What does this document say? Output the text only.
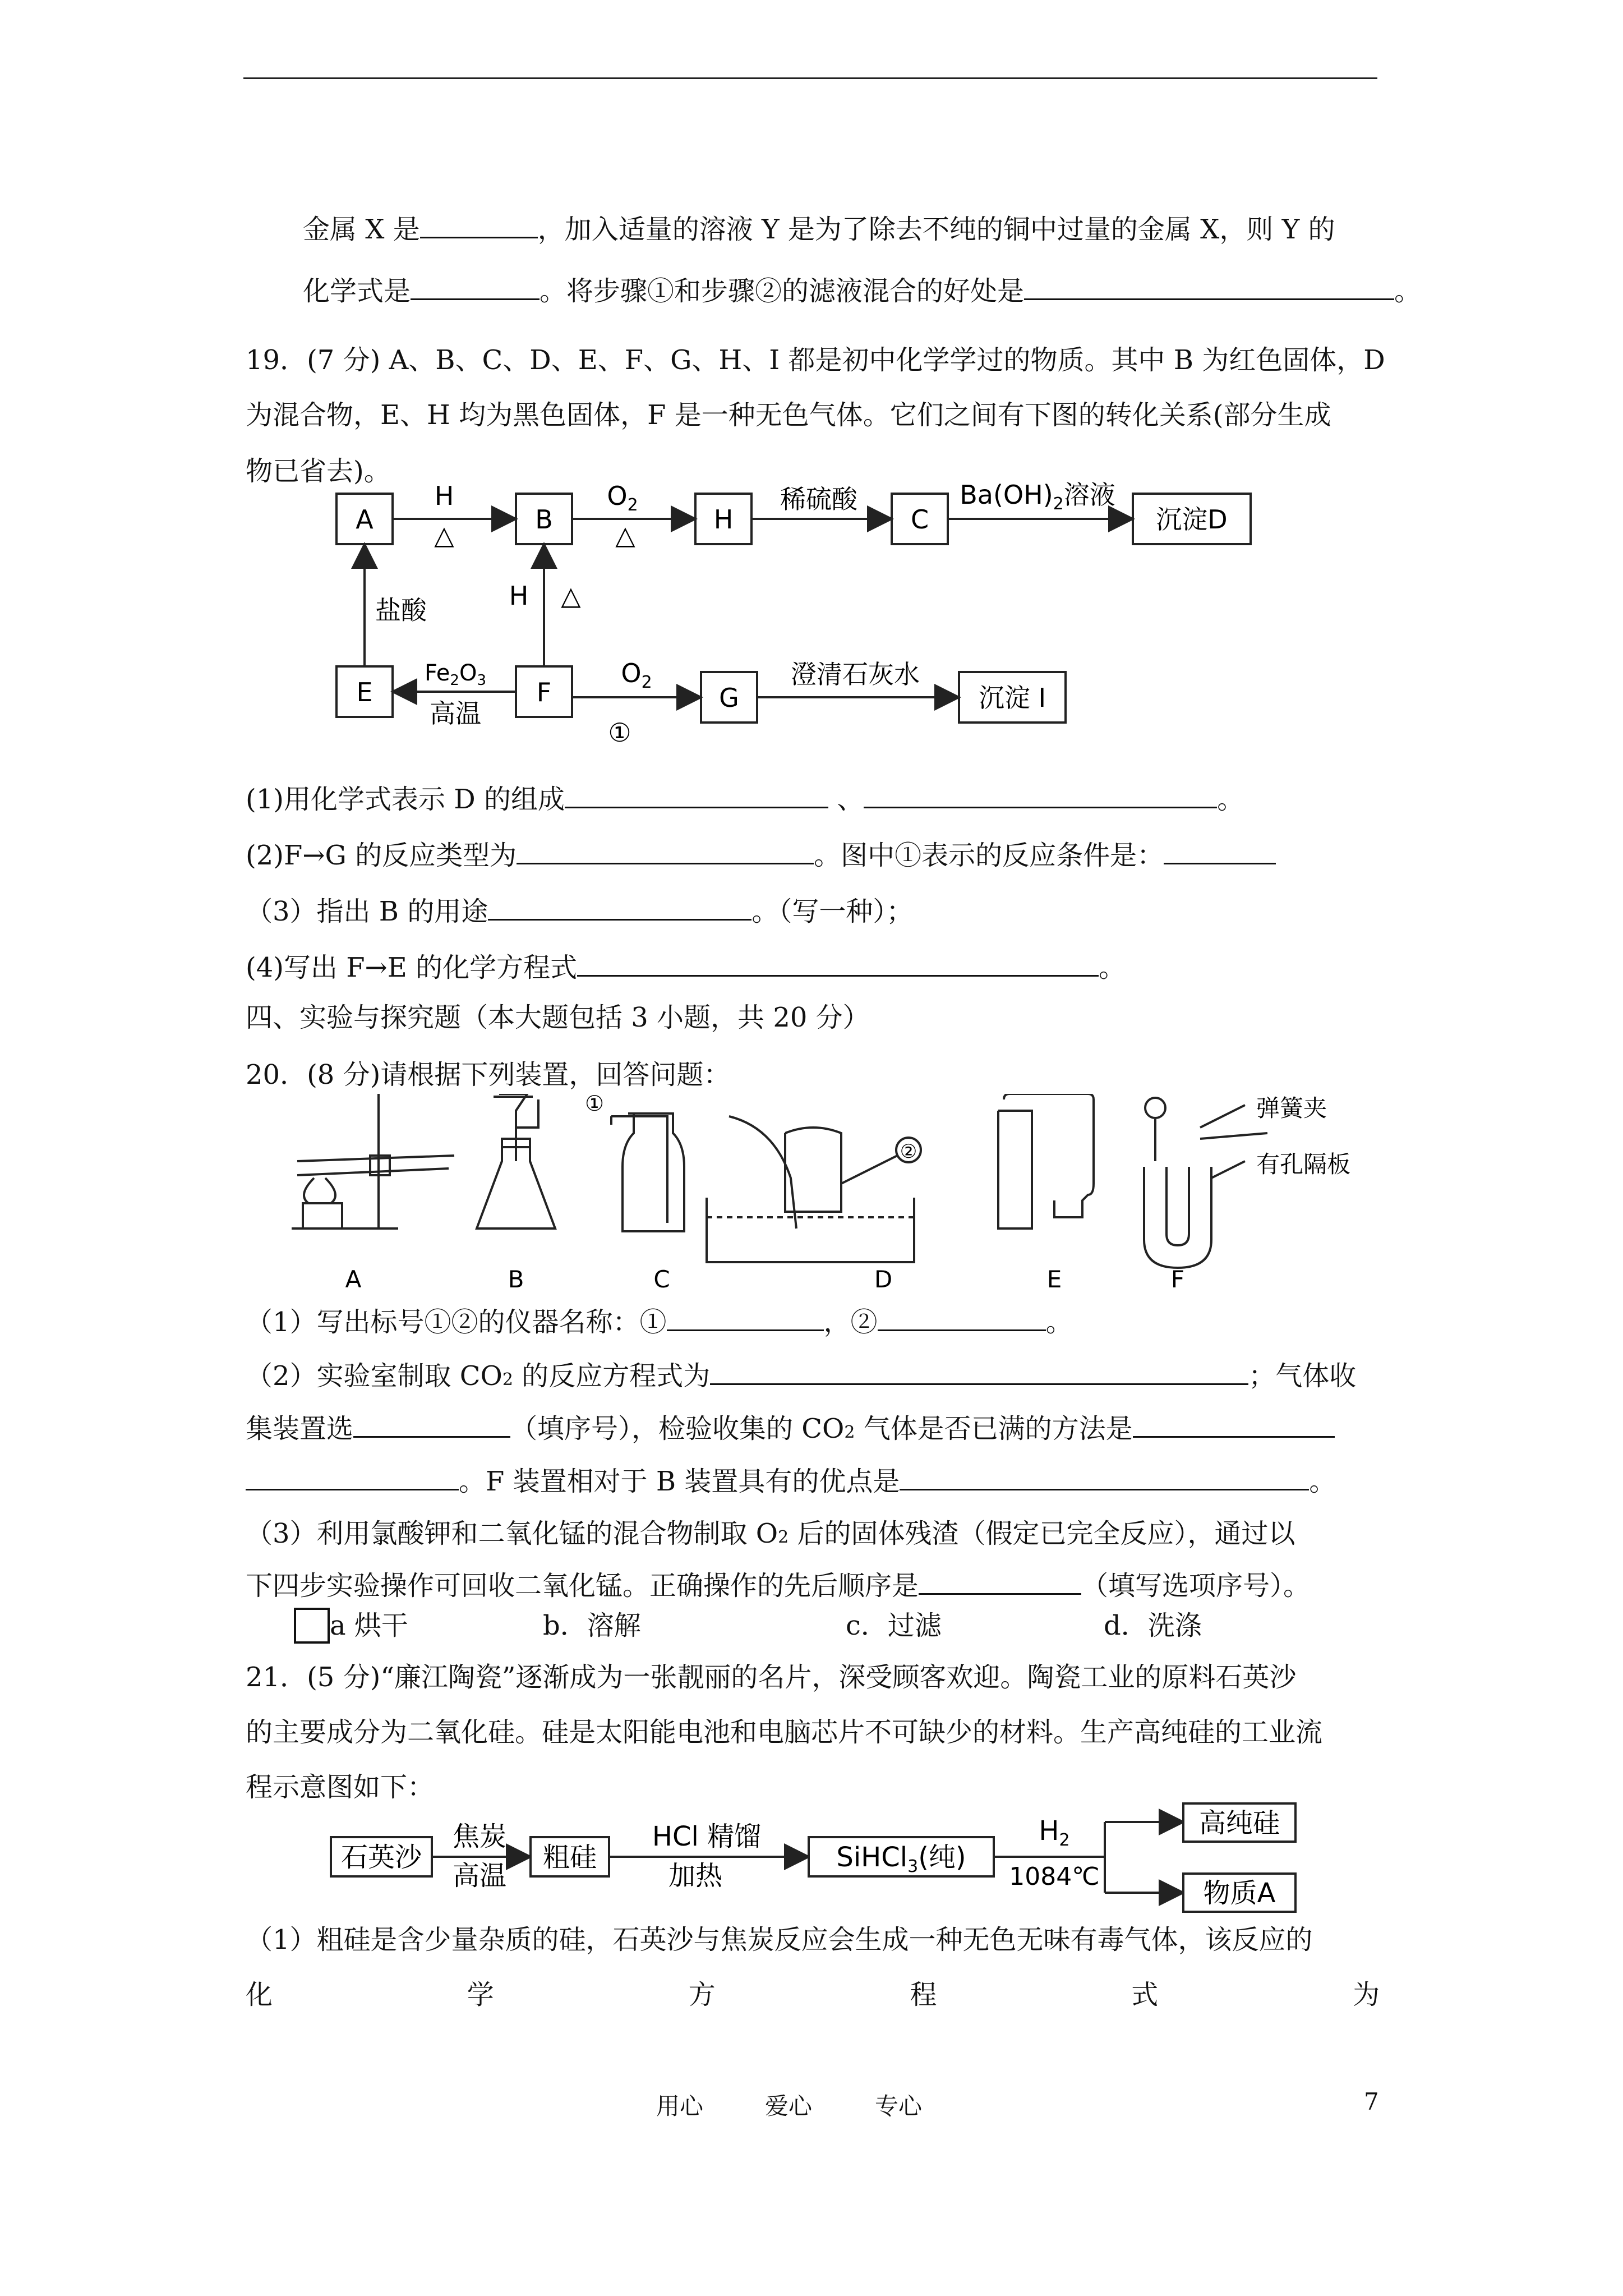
金属 X 是	，加入适量的溶液 Y 是为了除去不纯的铜中过量的金属 X，则 Y 的
化学式是	。将步骤①和步骤②的滤液混合的好处是	。
19．(7 分) A、B、C、D、E、F、G、H、I 都是初中化学学过的物质。其中 B 为红色固体，D
为混合物，E、H 均为黑色固体，F 是一种无色气体。它们之间有下图的转化关系(部分生成
物已省去)。
A	B	H	C	沉淀D
H
△
$O_2$
△
稀硫酸	$Ba(OH)_2$溶液
E	F	G	沉淀 I
盐酸	H △
$Fe_2O_3$
高温
$O_2$
①
澄清石灰水
(1)用化学式表示 D 的组成	、	。
(2)F→G 的反应类型为	。图中①表示的反应条件是：
（3）指出 B 的用途	。（写一种）；
(4)写出 F→E 的化学方程式	。
四、实验与探究题（本大题包括 3 小题，共 20 分）
20．(8 分)请根据下列装置，回答问题：
①
②
弹簧夹
有孔隔板
A	B	C	D	E	F
（1）写出标号①②的仪器名称：①	，②	。
（2）实验室制取 CO2 的反应方程式为	；气体收
集装置选	（填序号），检验收集的 CO2 气体是否已满的方法是
。F 装置相对于 B 装置具有的优点是	。
（3）利用氯酸钾和二氧化锰的混合物制取 O2 后的固体残渣（假定已完全反应），通过以
下四步实验操作可回收二氧化锰。正确操作的先后顺序是	（填写选项序号）。
a 烘干	b．溶解	c．过滤	d．洗涤
21．(5 分)“廉江陶瓷”逐渐成为一张靓丽的名片，深受顾客欢迎。陶瓷工业的原料石英沙
的主要成分为二氧化硅。硅是太阳能电池和电脑芯片不可缺少的材料。生产高纯硅的工业流
程示意图如下：
石英沙
焦炭
高温
粗硅
HCl 精馏
加热
SiHCl$_3$(纯)
$H_2$
1084℃
高纯硅
物质A
（1）粗硅是含少量杂质的硅，石英沙与焦炭反应会生成一种无色无味有毒气体，该反应的
化	学	方	程	式	为
用心	爱心	专心	7
